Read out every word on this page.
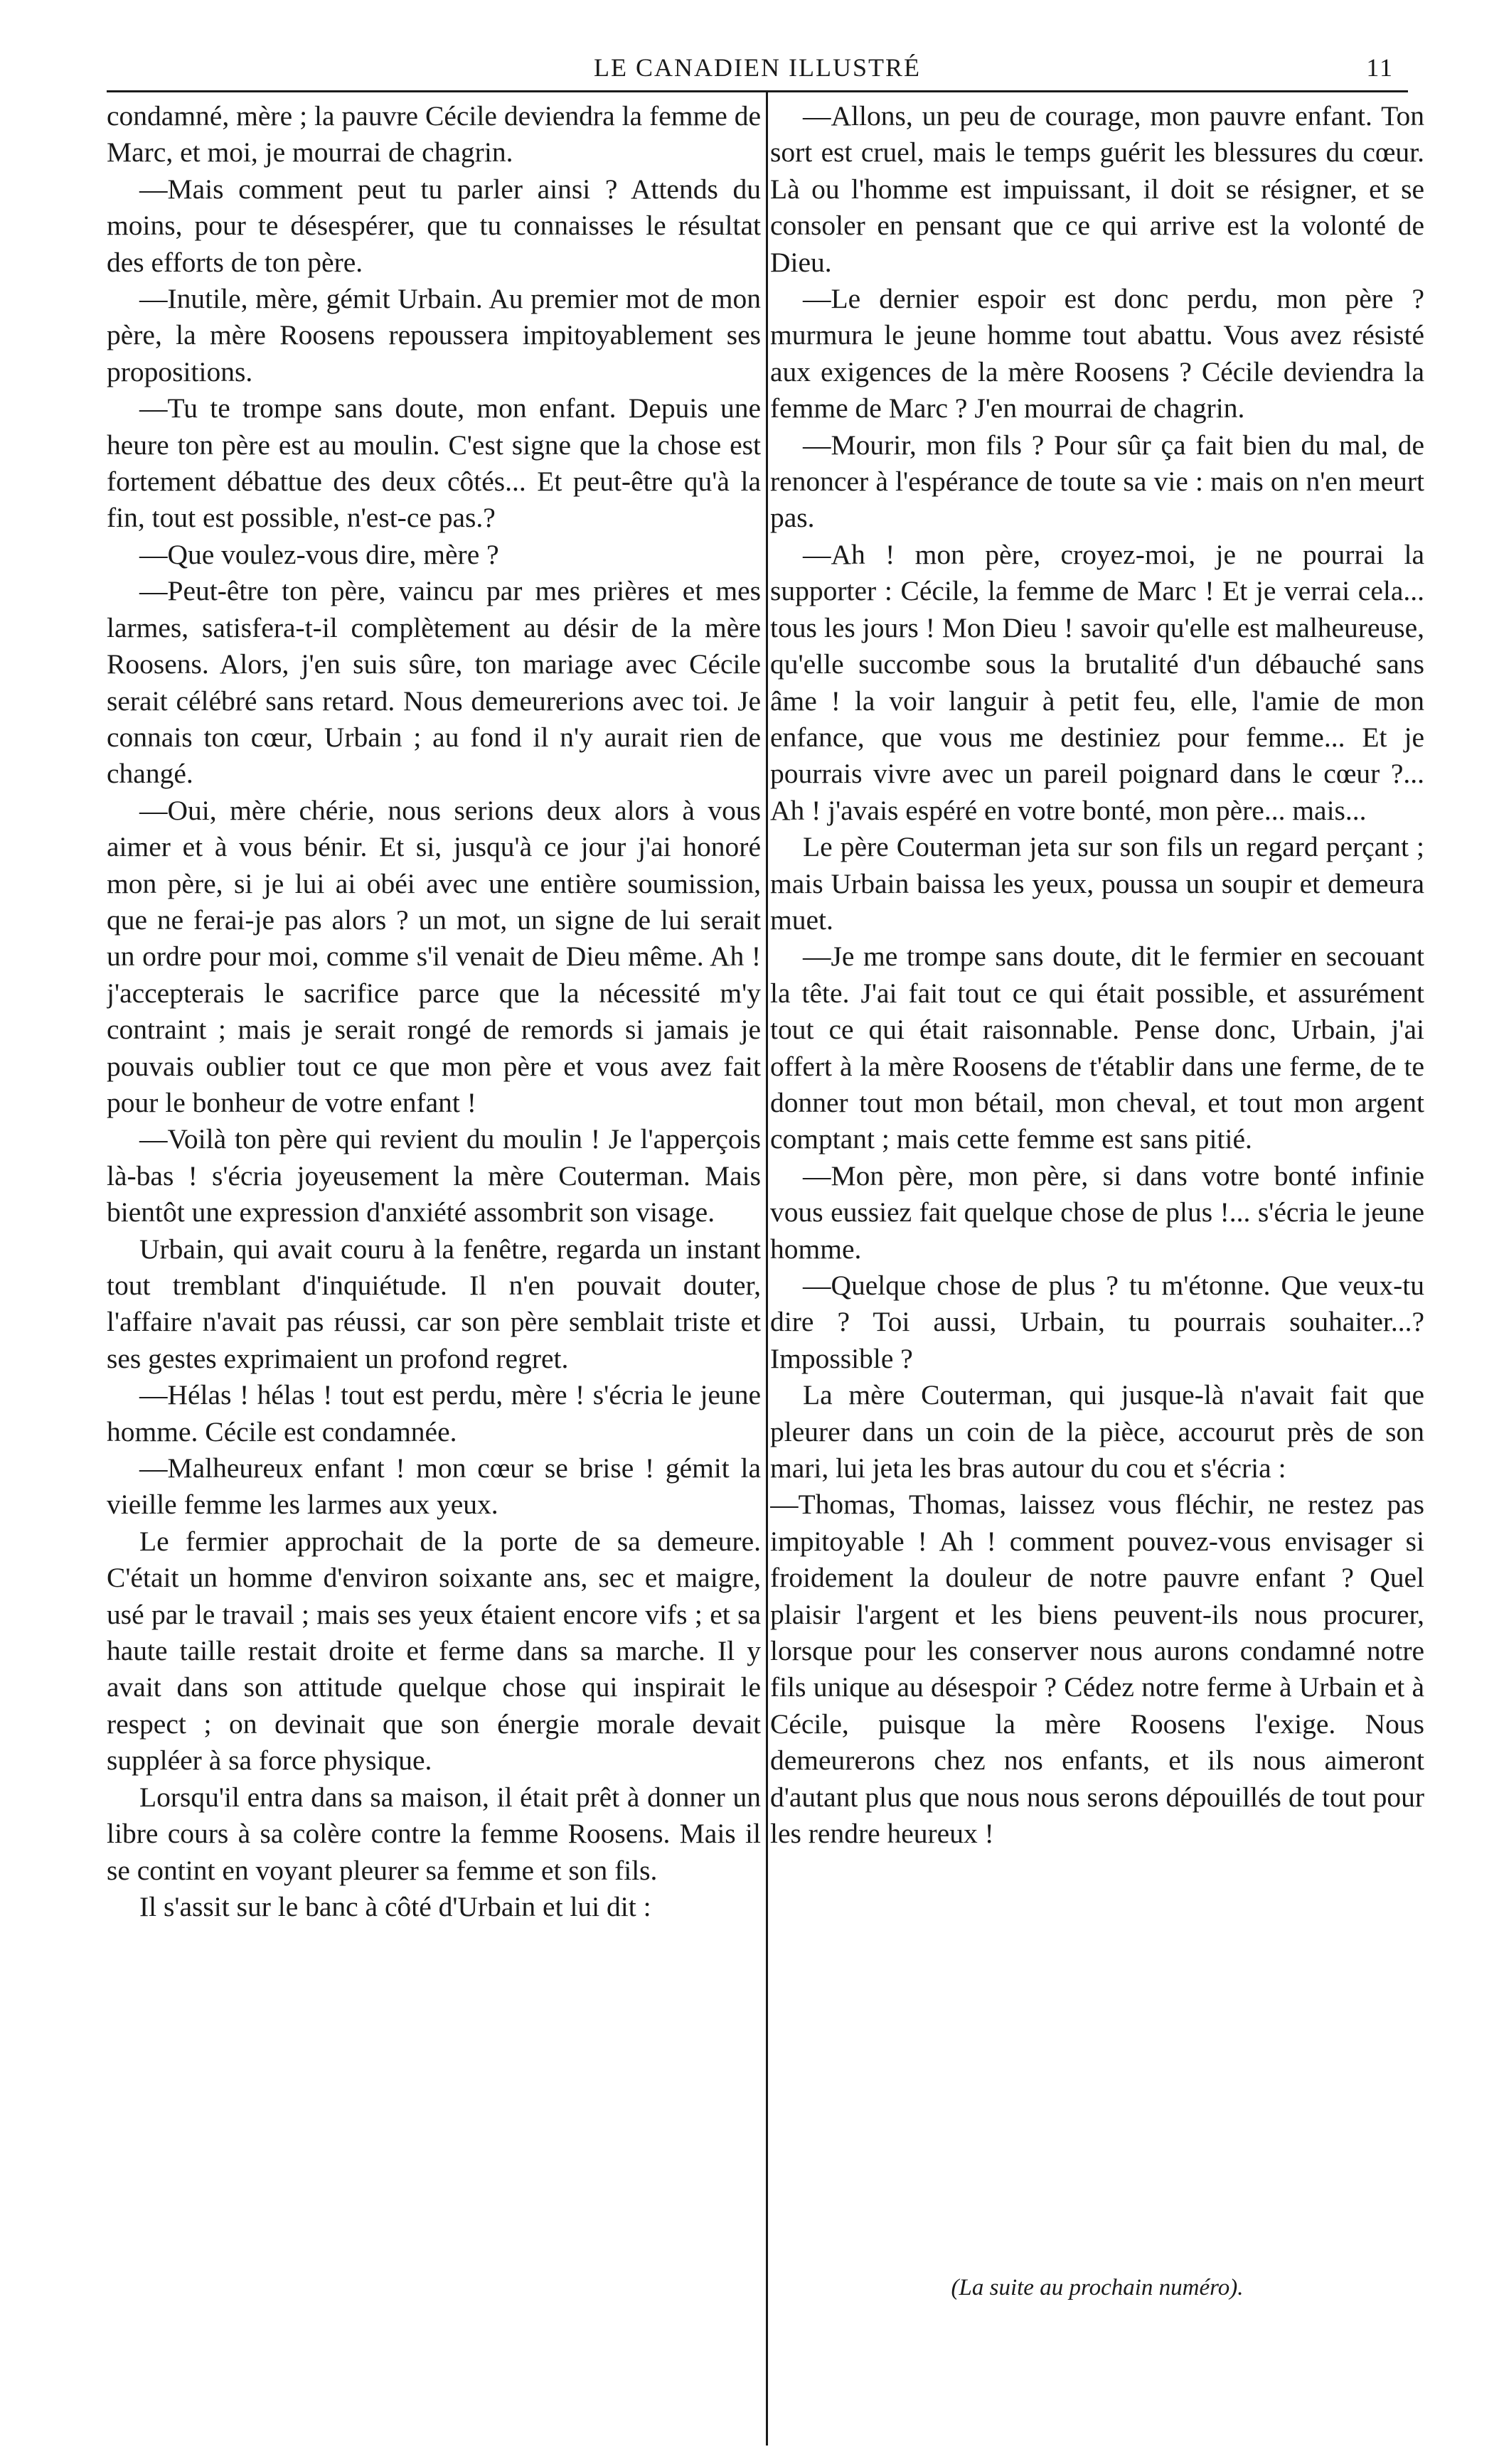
LE CANADIEN ILLUSTRÉ	11

condamné, mère ; la pauvre Cécile deviendra la femme de Marc, et moi, je mourrai de chagrin.

—Mais comment peut tu parler ainsi ? Attends du moins, pour te désespérer, que tu connaisses le résultat des efforts de ton père.

—Inutile, mère, gémit Urbain. Au premier mot de mon père, la mère Roosens repoussera impitoyablement ses propositions.

—Tu te trompe sans doute, mon enfant. Depuis une heure ton père est au moulin. C'est signe que la chose est fortement débattue des deux côtés... Et peut-être qu'à la fin, tout est possible, n'est-ce pas.?

—Que voulez-vous dire, mère ?

—Peut-être ton père, vaincu par mes prières et mes larmes, satisfera-t-il complètement au désir de la mère Roosens. Alors, j'en suis sûre, ton mariage avec Cécile serait célébré sans retard. Nous demeurerions avec toi. Je connais ton cœur, Urbain ; au fond il n'y aurait rien de changé.

—Oui, mère chérie, nous serions deux alors à vous aimer et à vous bénir. Et si, jusqu'à ce jour j'ai honoré mon père, si je lui ai obéi avec une entière soumission, que ne ferai-je pas alors ? un mot, un signe de lui serait un ordre pour moi, comme s'il venait de Dieu même. Ah ! j'accepterais le sacrifice parce que la nécessité m'y contraint ; mais je serait rongé de remords si jamais je pouvais oublier tout ce que mon père et vous avez fait pour le bonheur de votre enfant !

—Voilà ton père qui revient du moulin ! Je l'apperçois là-bas ! s'écria joyeusement la mère Couterman. Mais bientôt une expression d'anxiété assombrit son visage.

Urbain, qui avait couru à la fenêtre, regarda un instant tout tremblant d'inquiétude. Il n'en pouvait douter, l'affaire n'avait pas réussi, car son père semblait triste et ses gestes exprimaient un profond regret.

—Hélas ! hélas ! tout est perdu, mère ! s'écria le jeune homme. Cécile est condamnée.

—Malheureux enfant ! mon cœur se brise ! gémit la vieille femme les larmes aux yeux.

Le fermier approchait de la porte de sa demeure. C'était un homme d'environ soixante ans, sec et maigre, usé par le travail ; mais ses yeux étaient encore vifs ; et sa haute taille restait droite et ferme dans sa marche. Il y avait dans son attitude quelque chose qui inspirait le respect ; on devinait que son énergie morale devait suppléer à sa force physique.

Lorsqu'il entra dans sa maison, il était prêt à donner un libre cours à sa colère contre la femme Roosens. Mais il se contint en voyant pleurer sa femme et son fils.

Il s'assit sur le banc à côté d'Urbain et lui dit :

—Allons, un peu de courage, mon pauvre enfant. Ton sort est cruel, mais le temps guérit les blessures du cœur. Là ou l'homme est impuissant, il doit se résigner, et se consoler en pensant que ce qui arrive est la volonté de Dieu.

—Le dernier espoir est donc perdu, mon père ? murmura le jeune homme tout abattu. Vous avez résisté aux exigences de la mère Roosens ? Cécile deviendra la femme de Marc ? J'en mourrai de chagrin.

—Mourir, mon fils ? Pour sûr ça fait bien du mal, de renoncer à l'espérance de toute sa vie : mais on n'en meurt pas.

—Ah ! mon père, croyez-moi, je ne pourrai la supporter : Cécile, la femme de Marc ! Et je verrai cela... tous les jours ! Mon Dieu ! savoir qu'elle est malheureuse, qu'elle succombe sous la brutalité d'un débauché sans âme ! la voir languir à petit feu, elle, l'amie de mon enfance, que vous me destiniez pour femme... Et je pourrais vivre avec un pareil poignard dans le cœur ?... Ah ! j'avais espéré en votre bonté, mon père... mais...

Le père Couterman jeta sur son fils un regard perçant ; mais Urbain baissa les yeux, poussa un soupir et demeura muet.

—Je me trompe sans doute, dit le fermier en secouant la tête. J'ai fait tout ce qui était possible, et assurément tout ce qui était raisonnable. Pense donc, Urbain, j'ai offert à la mère Roosens de t'établir dans une ferme, de te donner tout mon bétail, mon cheval, et tout mon argent comptant ; mais cette femme est sans pitié.

—Mon père, mon père, si dans votre bonté infinie vous eussiez fait quelque chose de plus !... s'écria le jeune homme.

—Quelque chose de plus ? tu m'étonne. Que veux-tu dire ? Toi aussi, Urbain, tu pourrais souhaiter...? Impossible ?

La mère Couterman, qui jusque-là n'avait fait que pleurer dans un coin de la pièce, accourut près de son mari, lui jeta les bras autour du cou et s'écria :

—Thomas, Thomas, laissez vous fléchir, ne restez pas impitoyable ! Ah ! comment pouvez-vous envisager si froidement la douleur de notre pauvre enfant ? Quel plaisir l'argent et les biens peuvent-ils nous procurer, lorsque pour les conserver nous aurons condamné notre fils unique au désespoir ? Cédez notre ferme à Urbain et à Cécile, puisque la mère Roosens l'exige. Nous demeurerons chez nos enfants, et ils nous aimeront d'autant plus que nous nous serons dépouillés de tout pour les rendre heureux !

(La suite au prochain numéro).
